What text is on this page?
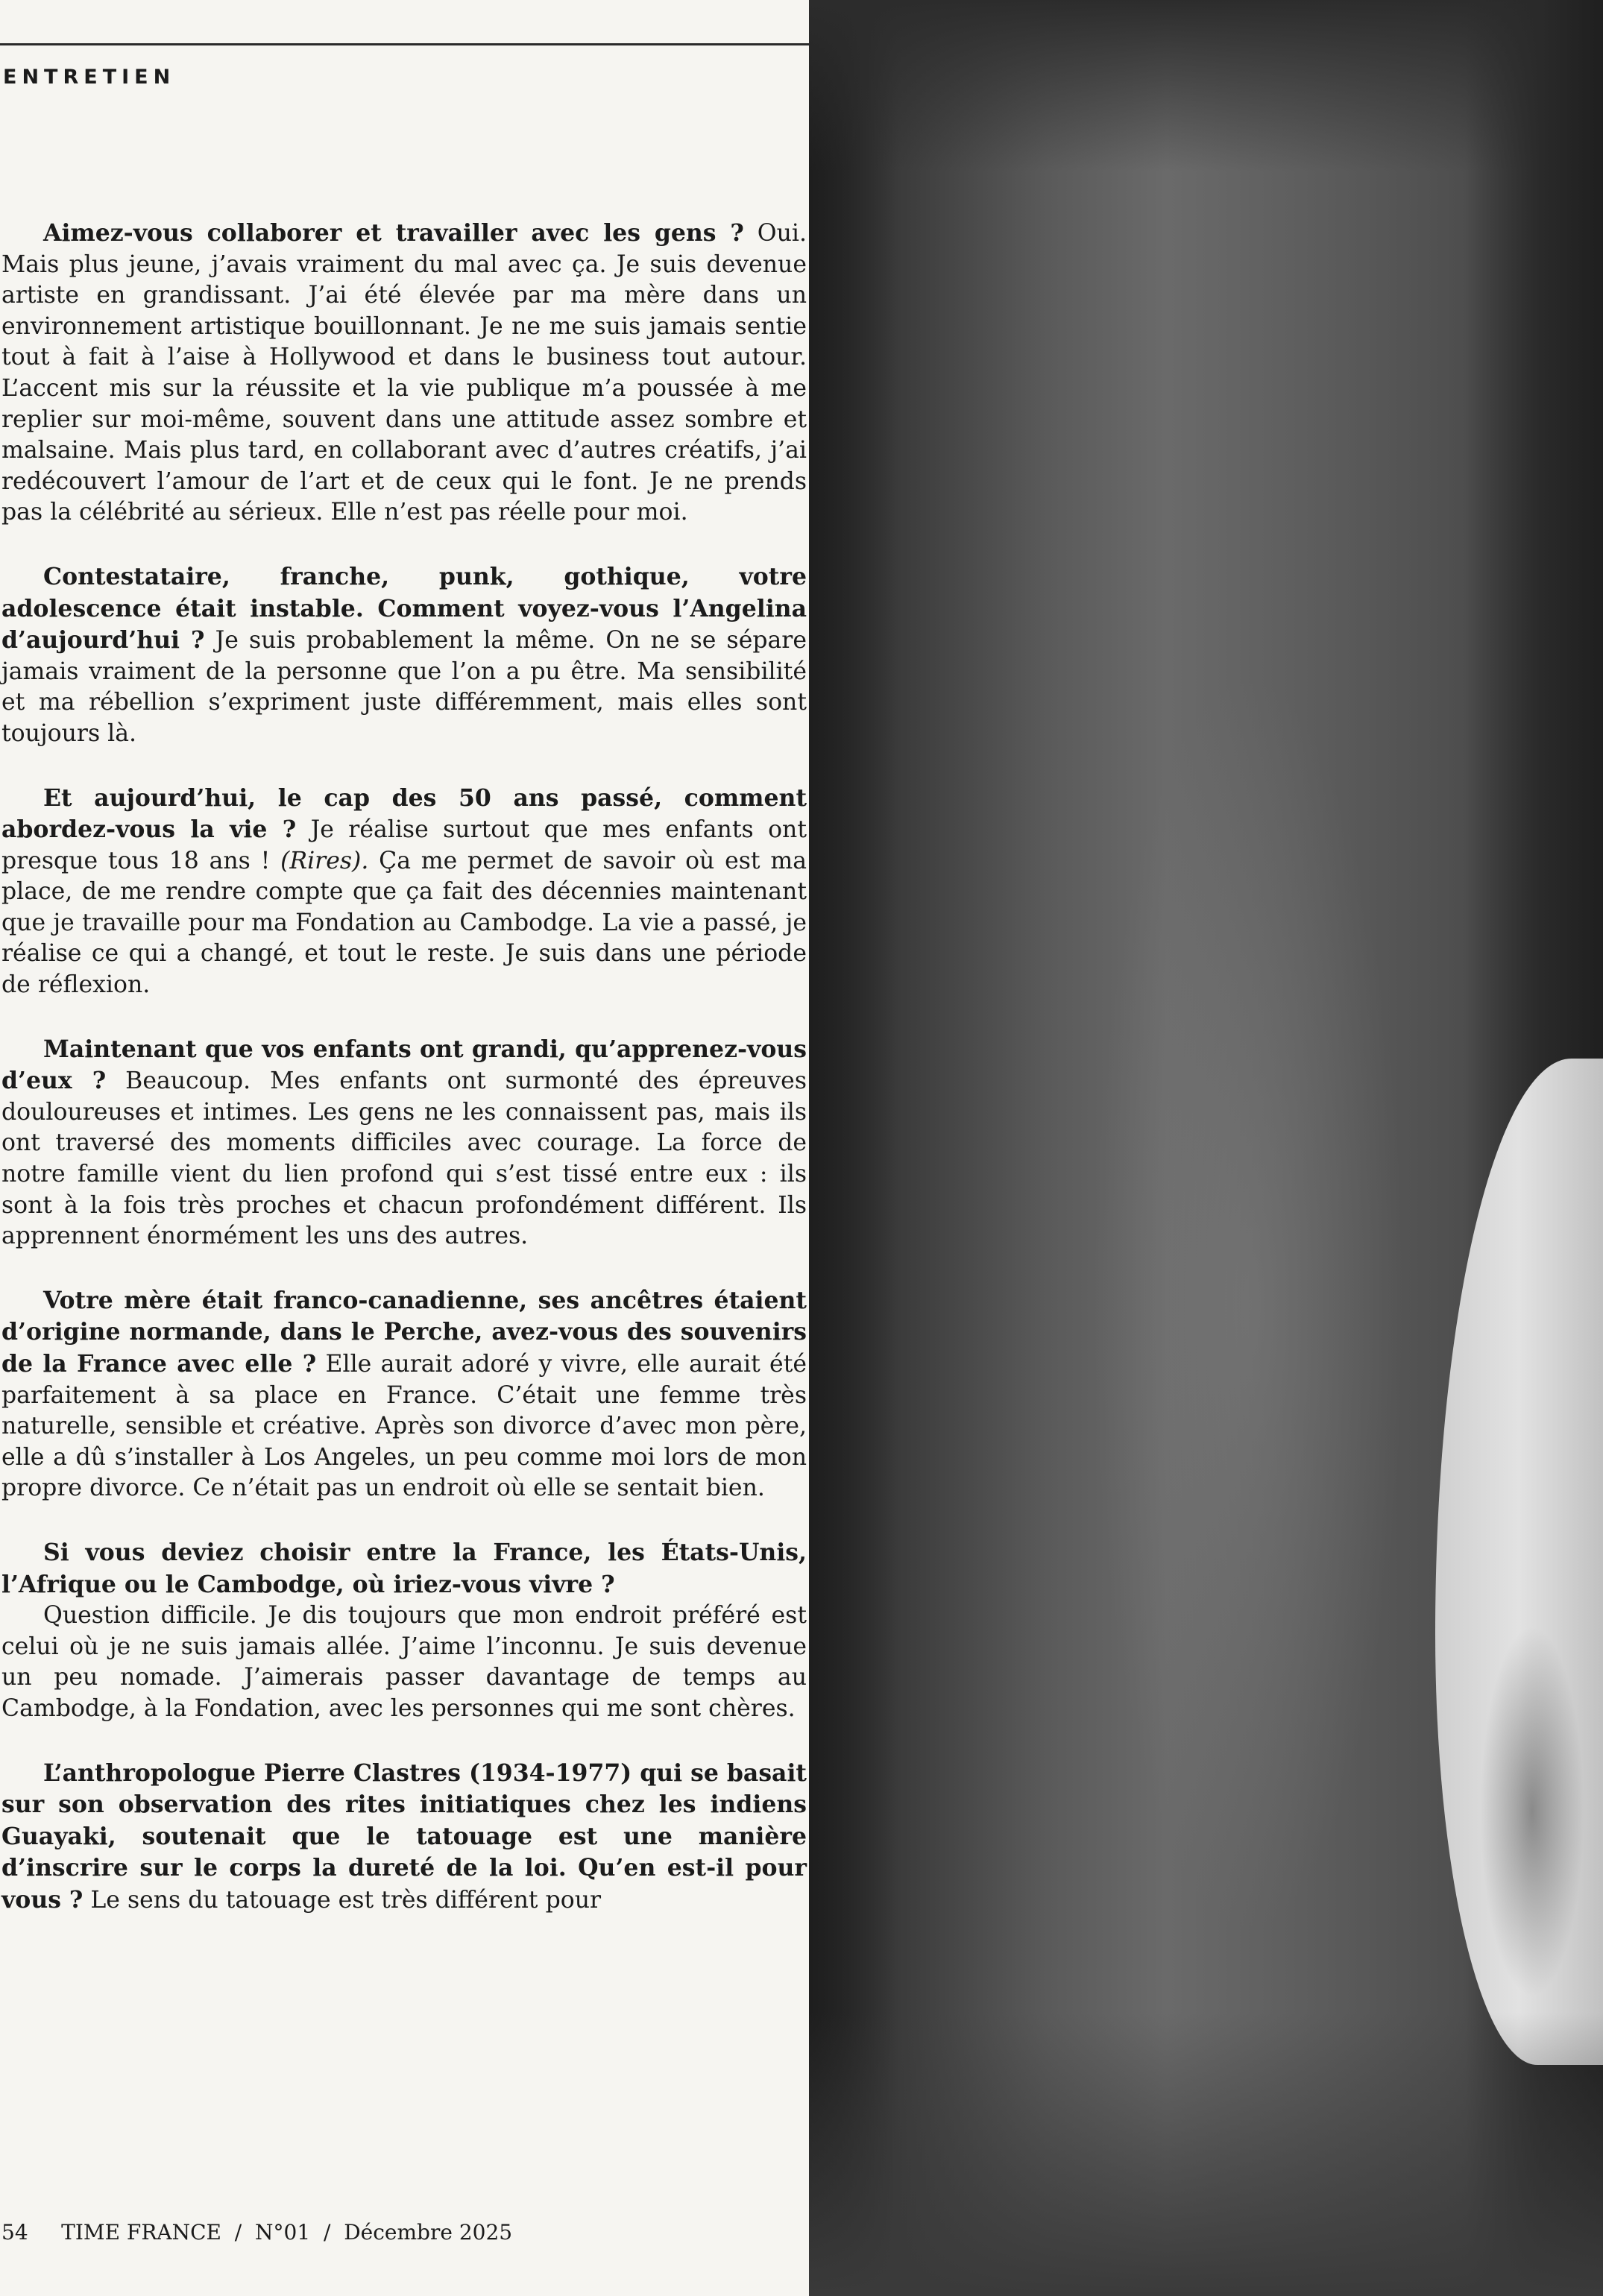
ENTRETIEN

Aimez-vous collaborer et travailler avec les gens ? Oui. Mais plus jeune, j’avais vraiment du mal avec ça. Je suis devenue artiste en grandissant. J’ai été élevée par ma mère dans un environnement artistique bouillonnant. Je ne me suis jamais sentie tout à fait à l’aise à Hollywood et dans le business tout autour. L’accent mis sur la réussite et la vie publique m’a poussée à me replier sur moi-même, souvent dans une attitude assez sombre et malsaine. Mais plus tard, en collaborant avec d’autres créatifs, j’ai redécouvert l’amour de l’art et de ceux qui le font. Je ne prends pas la célébrité au sérieux. Elle n’est pas réelle pour moi.

Contestataire, franche, punk, gothique, votre adolescence était instable. Comment voyez-vous l’Angelina d’aujourd’hui ? Je suis probablement la même. On ne se sépare jamais vraiment de la personne que l’on a pu être. Ma sensibilité et ma rébellion s’expriment juste différemment, mais elles sont toujours là.

Et aujourd’hui, le cap des 50 ans passé, comment abordez-vous la vie ? Je réalise surtout que mes enfants ont presque tous 18 ans ! (Rires). Ça me permet de savoir où est ma place, de me rendre compte que ça fait des décennies maintenant que je travaille pour ma Fondation au Cambodge. La vie a passé, je réalise ce qui a changé, et tout le reste. Je suis dans une période de réflexion.

Maintenant que vos enfants ont grandi, qu’apprenez-vous d’eux ? Beaucoup. Mes enfants ont surmonté des épreuves douloureuses et intimes. Les gens ne les connaissent pas, mais ils ont traversé des moments difficiles avec courage. La force de notre famille vient du lien profond qui s’est tissé entre eux : ils sont à la fois très proches et chacun profondément différent. Ils apprennent énormément les uns des autres.

Votre mère était franco-canadienne, ses ancêtres étaient d’origine normande, dans le Perche, avez-vous des souvenirs de la France avec elle ? Elle aurait adoré y vivre, elle aurait été parfaitement à sa place en France. C’était une femme très naturelle, sensible et créative. Après son divorce d’avec mon père, elle a dû s’installer à Los Angeles, un peu comme moi lors de mon propre divorce. Ce n’était pas un endroit où elle se sentait bien.

Si vous deviez choisir entre la France, les États-Unis, l’Afrique ou le Cambodge, où iriez-vous vivre ?
Question difficile. Je dis toujours que mon endroit préféré est celui où je ne suis jamais allée. J’aime l’inconnu. Je suis devenue un peu nomade. J’aimerais passer davantage de temps au Cambodge, à la Fondation, avec les personnes qui me sont chères.

L’anthropologue Pierre Clastres (1934-1977) qui se basait sur son observation des rites initiatiques chez les indiens Guayaki, soutenait que le tatouage est une manière d’inscrire sur le corps la dureté de la loi. Qu’en est-il pour vous ? Le sens du tatouage est très différent pour

54 TIME FRANCE  /  N°01  /  Décembre 2025
